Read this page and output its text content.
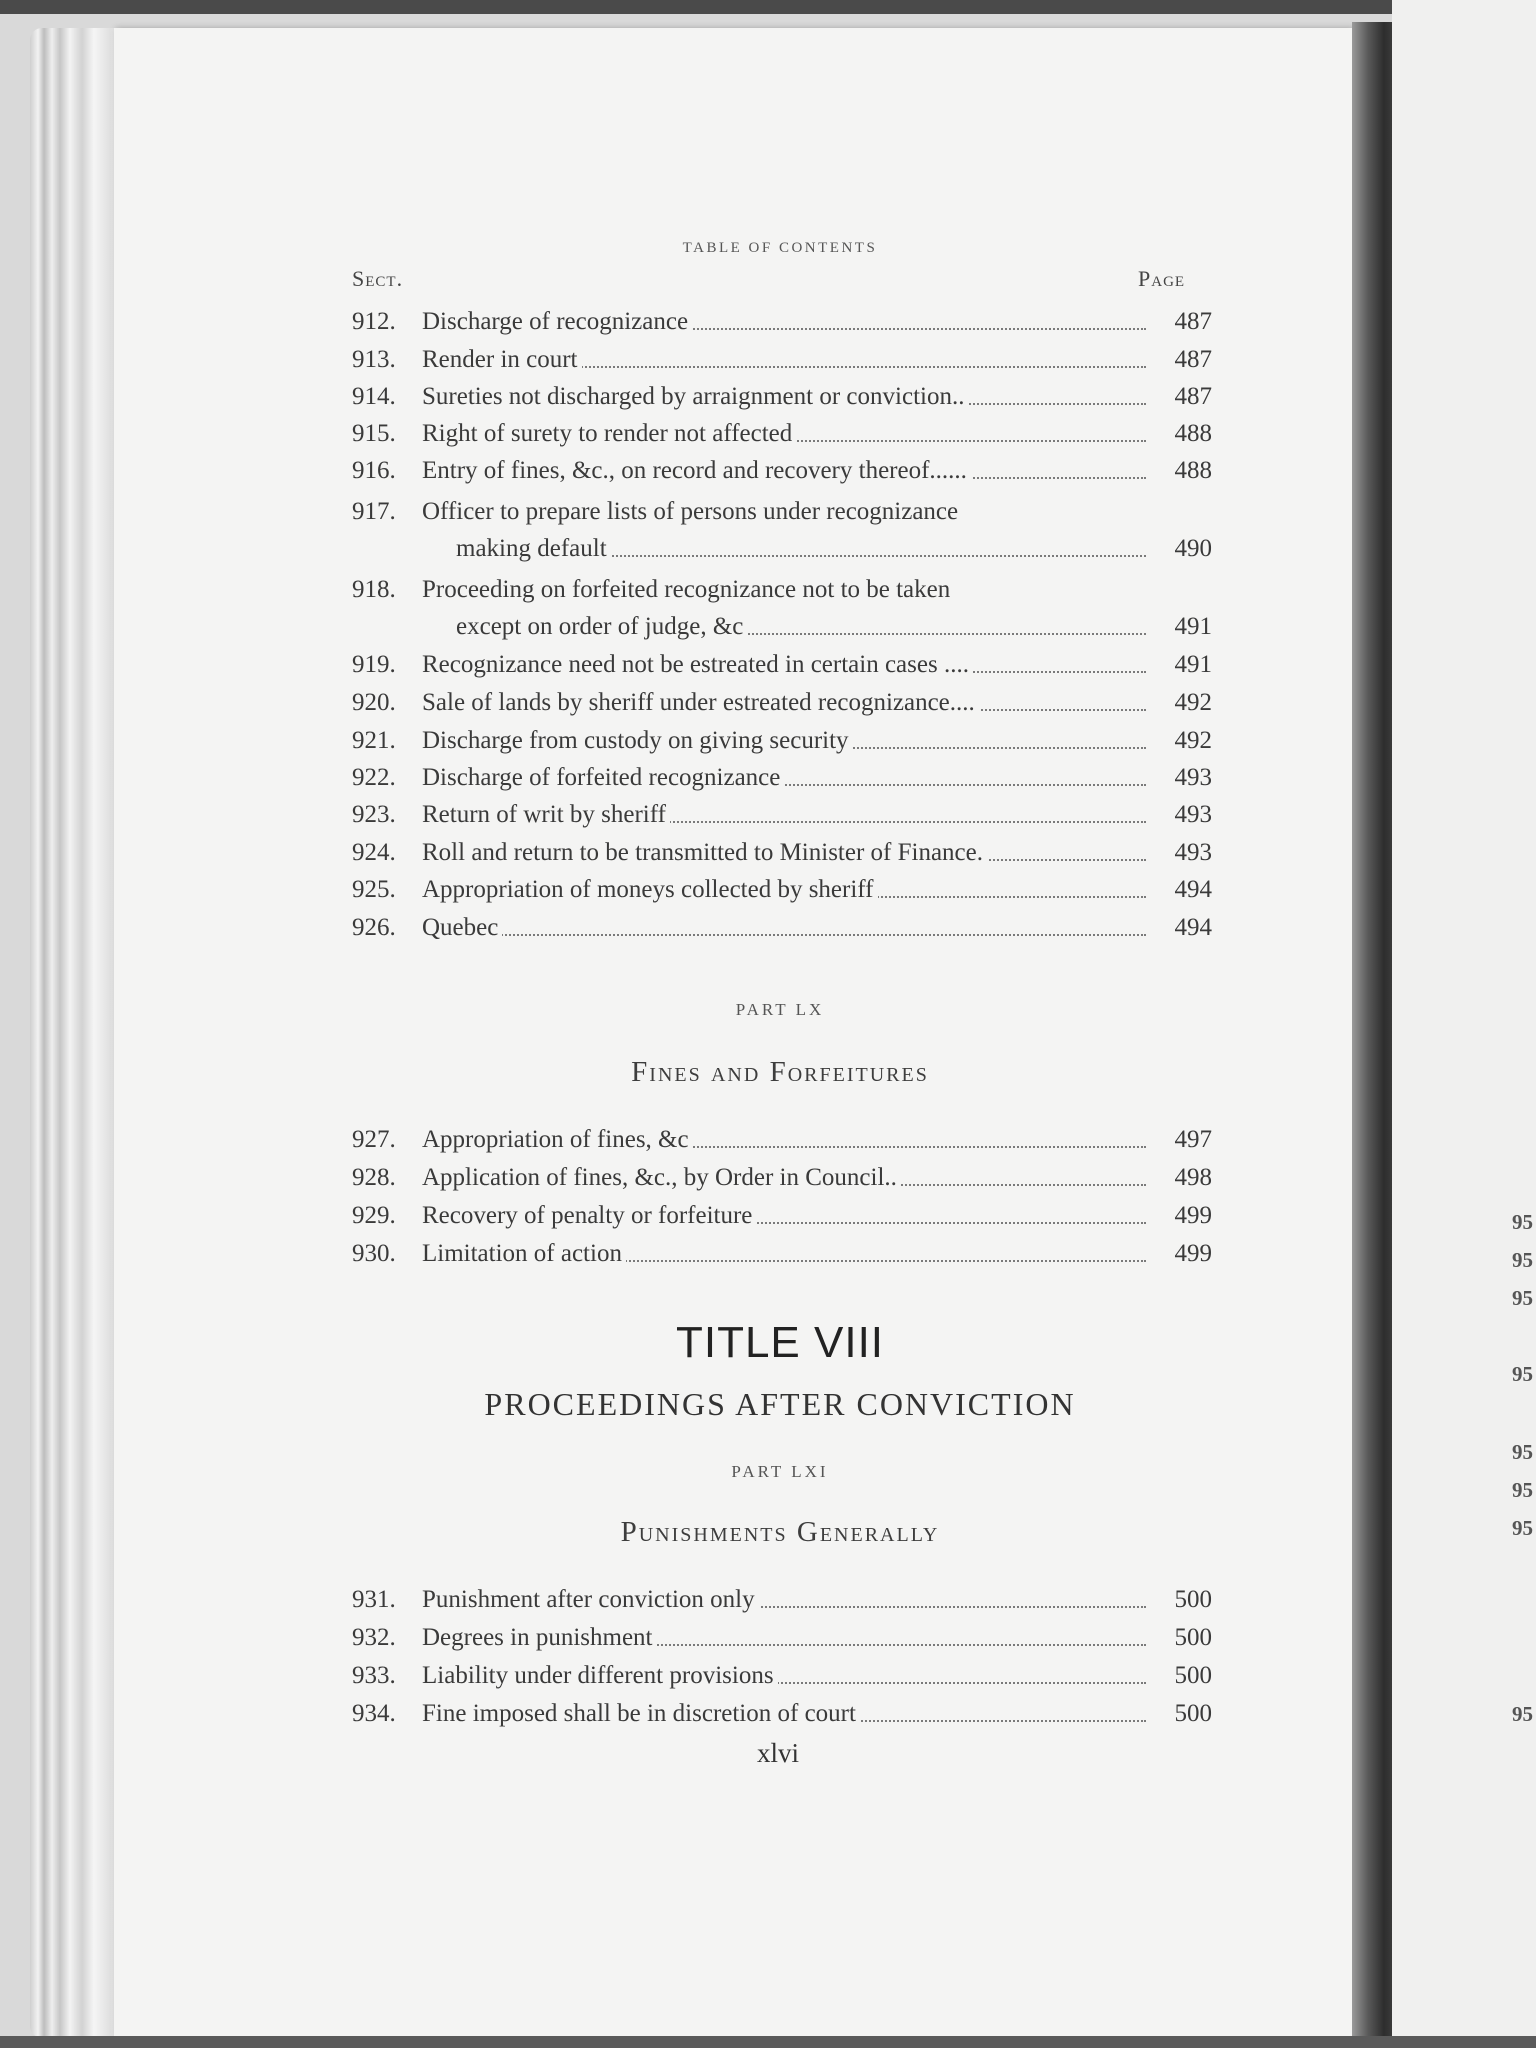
95
95
95
95
95
95
95
95
TABLE OF CONTENTS
Sect.	Page
912.	Discharge of recognizance	487
913.	Render in court	487
914.	Sureties not discharged by arraignment or conviction..	487
915.	Right of surety to render not affected	488
916.	Entry of fines, &c., on record and recovery thereof......	488
917.	Officer to prepare lists of persons under recognizance
making default	490
918.	Proceeding on forfeited recognizance not to be taken
except on order of judge, &c	491
919.	Recognizance need not be estreated in certain cases ....	491
920.	Sale of lands by sheriff under estreated recognizance....	492
921.	Discharge from custody on giving security	492
922.	Discharge of forfeited recognizance	493
923.	Return of writ by sheriff	493
924.	Roll and return to be transmitted to Minister of Finance.	493
925.	Appropriation of moneys collected by sheriff	494
926.	Quebec	494
PART LX
Fines and Forfeitures
927.	Appropriation of fines, &c	497
928.	Application of fines, &c., by Order in Council..	498
929.	Recovery of penalty or forfeiture	499
930.	Limitation of action	499
TITLE VIII
PROCEEDINGS AFTER CONVICTION
PART LXI
Punishments Generally
931.	Punishment after conviction only	500
932.	Degrees in punishment	500
933.	Liability under different provisions	500
934.	Fine imposed shall be in discretion of court	500
xlvi
